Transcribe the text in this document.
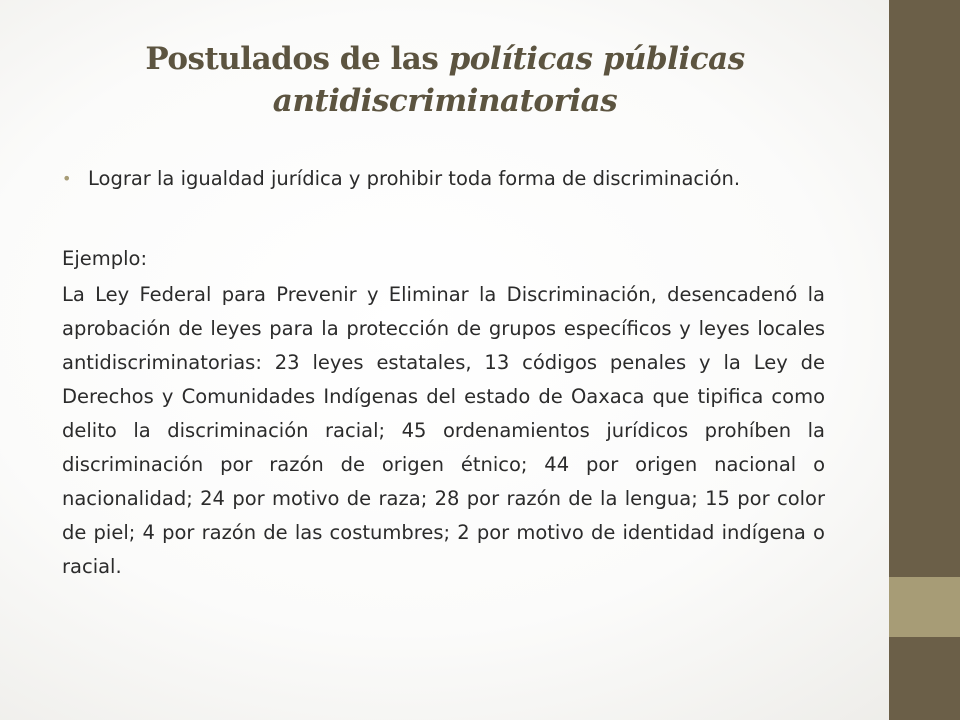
Postulados de las políticas públicas antidiscriminatorias
• Lograr la igualdad jurídica y prohibir toda forma de discriminación.
Ejemplo:
La Ley Federal para Prevenir y Eliminar la Discriminación, desencadenó la aprobación de leyes para la protección de grupos específicos y leyes locales antidiscriminatorias: 23 leyes estatales, 13 códigos penales y la Ley de Derechos y Comunidades Indígenas del estado de Oaxaca que tipifica como delito la discriminación racial; 45 ordenamientos jurídicos prohíben la discriminación por razón de origen étnico; 44 por origen nacional o nacionalidad; 24 por motivo de raza; 28 por razón de la lengua; 15 por color de piel; 4 por razón de las costumbres; 2 por motivo de identidad indígena o racial.
